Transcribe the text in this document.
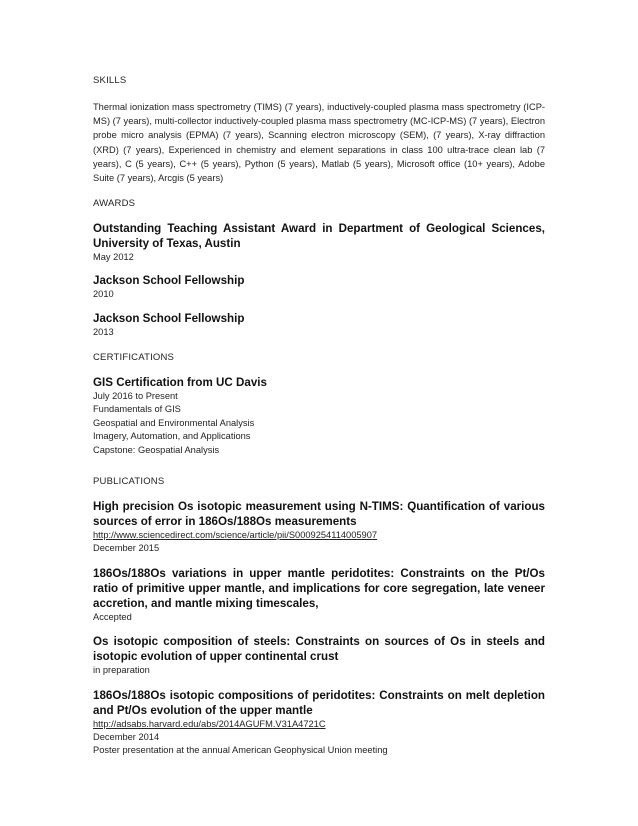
SKILLS

Thermal ionization mass spectrometry (TIMS) (7 years), inductively-coupled plasma mass spectrometry (ICP-MS) (7 years), multi-collector inductively-coupled plasma mass spectrometry (MC-ICP-MS) (7 years), Electron probe micro analysis (EPMA) (7 years), Scanning electron microscopy (SEM), (7 years), X-ray diffraction (XRD) (7 years), Experienced in chemistry and element separations in class 100 ultra-trace clean lab (7 years), C (5 years), C++ (5 years), Python (5 years), Matlab (5 years), Microsoft office (10+ years), Adobe Suite (7 years), Arcgis (5 years)

AWARDS

Outstanding Teaching Assistant Award in Department of Geological Sciences, University of Texas, Austin

May 2012

Jackson School Fellowship

2010

Jackson School Fellowship

2013

CERTIFICATIONS

GIS Certification from UC Davis

July 2016 to Present

Fundamentals of GIS

Geospatial and Environmental Analysis

Imagery, Automation, and Applications

Capstone: Geospatial Analysis

PUBLICATIONS

High precision Os isotopic measurement using N-TIMS: Quantification of various sources of error in 186Os/188Os measurements

http://www.sciencedirect.com/science/article/pii/S0009254114005907

December 2015

186Os/188Os variations in upper mantle peridotites: Constraints on the Pt/Os ratio of primitive upper mantle, and implications for core segregation, late veneer accretion, and mantle mixing timescales,

Accepted

Os isotopic composition of steels: Constraints on sources of Os in steels and isotopic evolution of upper continental crust

in preparation

186Os/188Os isotopic compositions of peridotites: Constraints on melt depletion and Pt/Os evolution of the upper mantle

http://adsabs.harvard.edu/abs/2014AGUFM.V31A4721C

December 2014

Poster presentation at the annual American Geophysical Union meeting
